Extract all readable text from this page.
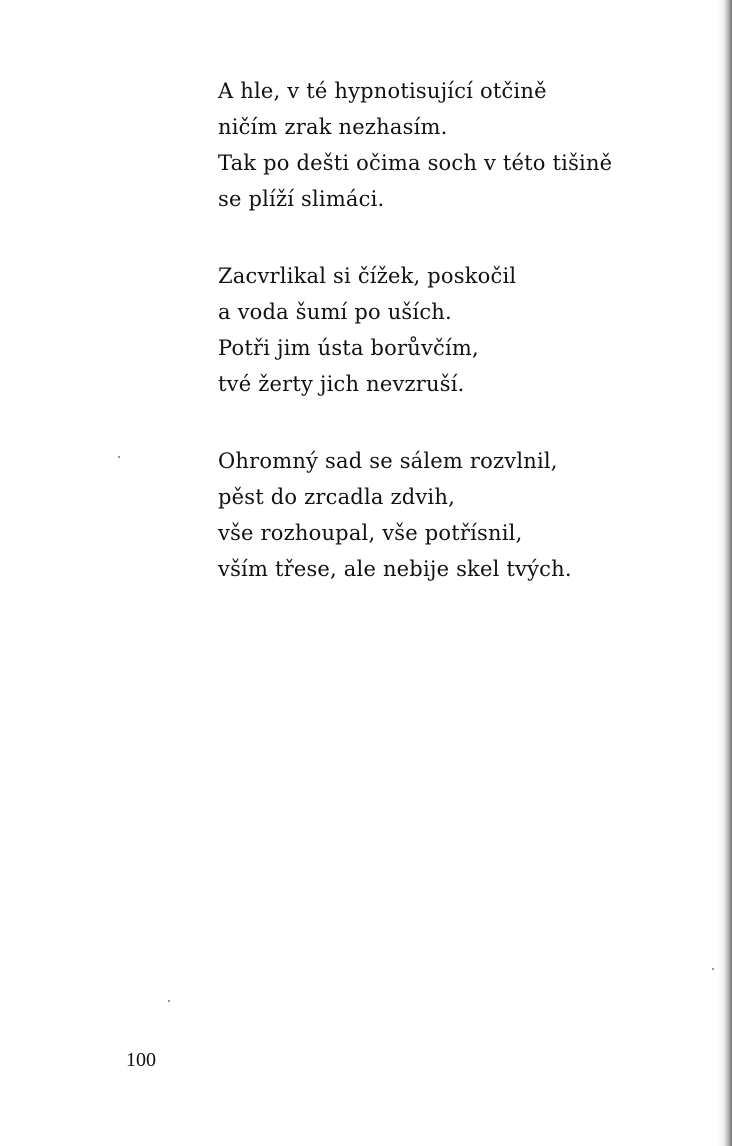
A hle, v té hypnotisující otčině
ničím zrak nezhasím.
Tak po dešti očima soch v této tišině
se plíží slimáci.
Zacvrlikal si čížek, poskočil
a voda šumí po uších.
Potři jim ústa borůvčím,
tvé žerty jich nevzruší.
Ohromný sad se sálem rozvlnil,
pěst do zrcadla zdvih,
vše rozhoupal, vše potřísnil,
vším třese, ale nebije skel tvých.
100
